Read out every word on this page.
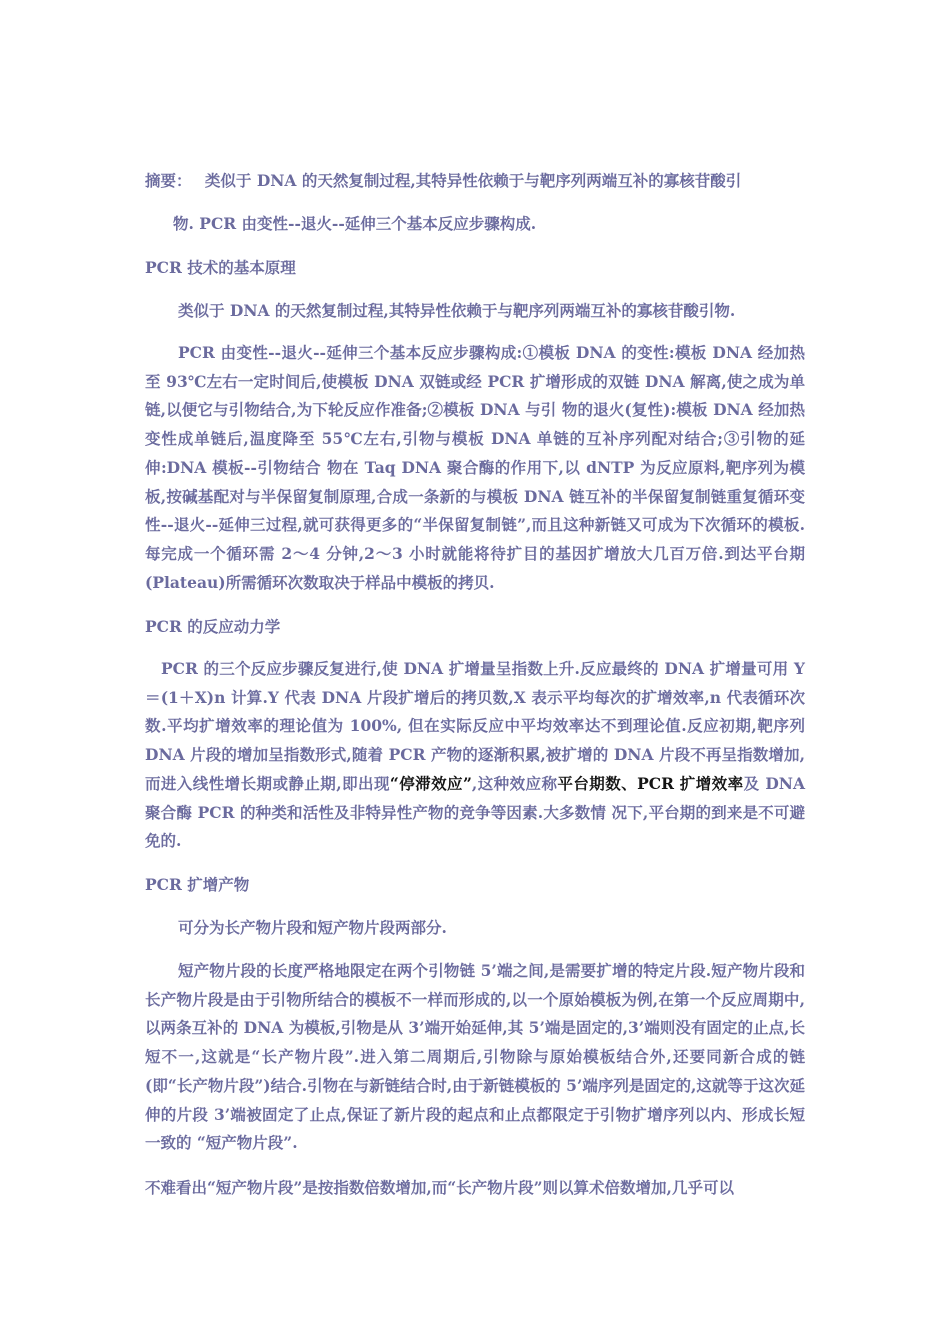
摘要： 类似于 DNA 的天然复制过程,其特异性依赖于与靶序列两端互补的寡核苷酸引
物. PCR 由变性--退火--延伸三个基本反应步骤构成.
PCR 技术的基本原理
类似于 DNA 的天然复制过程,其特异性依赖于与靶序列两端互补的寡核苷酸引物.

PCR 由变性--退火--延伸三个基本反应步骤构成:①模板 DNA 的变性:模板 DNA 经加热至 93℃左右一定时间后,使模板 DNA 双链或经 PCR 扩增形成的双链 DNA 解离,使之成为单链,以便它与引物结合,为下轮反应作准备;②模板 DNA 与引 物的退火(复性):模板 DNA 经加热变性成单链后,温度降至 55℃左右,引物与模板 DNA 单链的互补序列配对结合;③引物的延伸:DNA 模板--引物结合 物在 Taq DNA 聚合酶的作用下,以 dNTP 为反应原料,靶序列为模板,按碱基配对与半保留复制原理,合成一条新的与模板 DNA 链互补的半保留复制链重复循环变性--退火--延伸三过程,就可获得更多的“半保留复制链”,而且这种新链又可成为下次循环的模板.每完成一个循环需 2～4 分钟,2～3 小时就能将待扩目的基因扩增放大几百万倍.到达平台期(Plateau)所需循环次数取决于样品中模板的拷贝.

PCR 的反应动力学

PCR 的三个反应步骤反复进行,使 DNA 扩增量呈指数上升.反应最终的 DNA 扩增量可用 Y＝(1＋X)n 计算.Y 代表 DNA 片段扩增后的拷贝数,X 表示平均每次的扩增效率,n 代表循环次数.平均扩增效率的理论值为 100%, 但在实际反应中平均效率达不到理论值.反应初期,靶序列 DNA 片段的增加呈指数形式,随着 PCR 产物的逐渐积累,被扩增的 DNA 片段不再呈指数增加,而进入线性增长期或静止期,即出现“停滞效应”,这种效应称平台期数、PCR 扩增效率及 DNA 聚合酶 PCR 的种类和活性及非特异性产物的竞争等因素.大多数情 况下,平台期的到来是不可避免的.

PCR 扩增产物
可分为长产物片段和短产物片段两部分.

短产物片段的长度严格地限定在两个引物链 5’端之间,是需要扩增的特定片段.短产物片段和长产物片段是由于引物所结合的模板不一样而形成的,以一个原始模板为例,在第一个反应周期中,以两条互补的 DNA 为模板,引物是从 3’端开始延伸,其 5’端是固定的,3’端则没有固定的止点,长短不一,这就是“长产物片段”.进入第二周期后,引物除与原始模板结合外,还要同新合成的链(即“长产物片段”)结合.引物在与新链结合时,由于新链模板的 5’端序列是固定的,这就等于这次延伸的片段 3’端被固定了止点,保证了新片段的起点和止点都限定于引物扩增序列以内、形成长短一致的 “短产物片段”.

不难看出“短产物片段”是按指数倍数增加,而“长产物片段”则以算术倍数增加,几乎可以
